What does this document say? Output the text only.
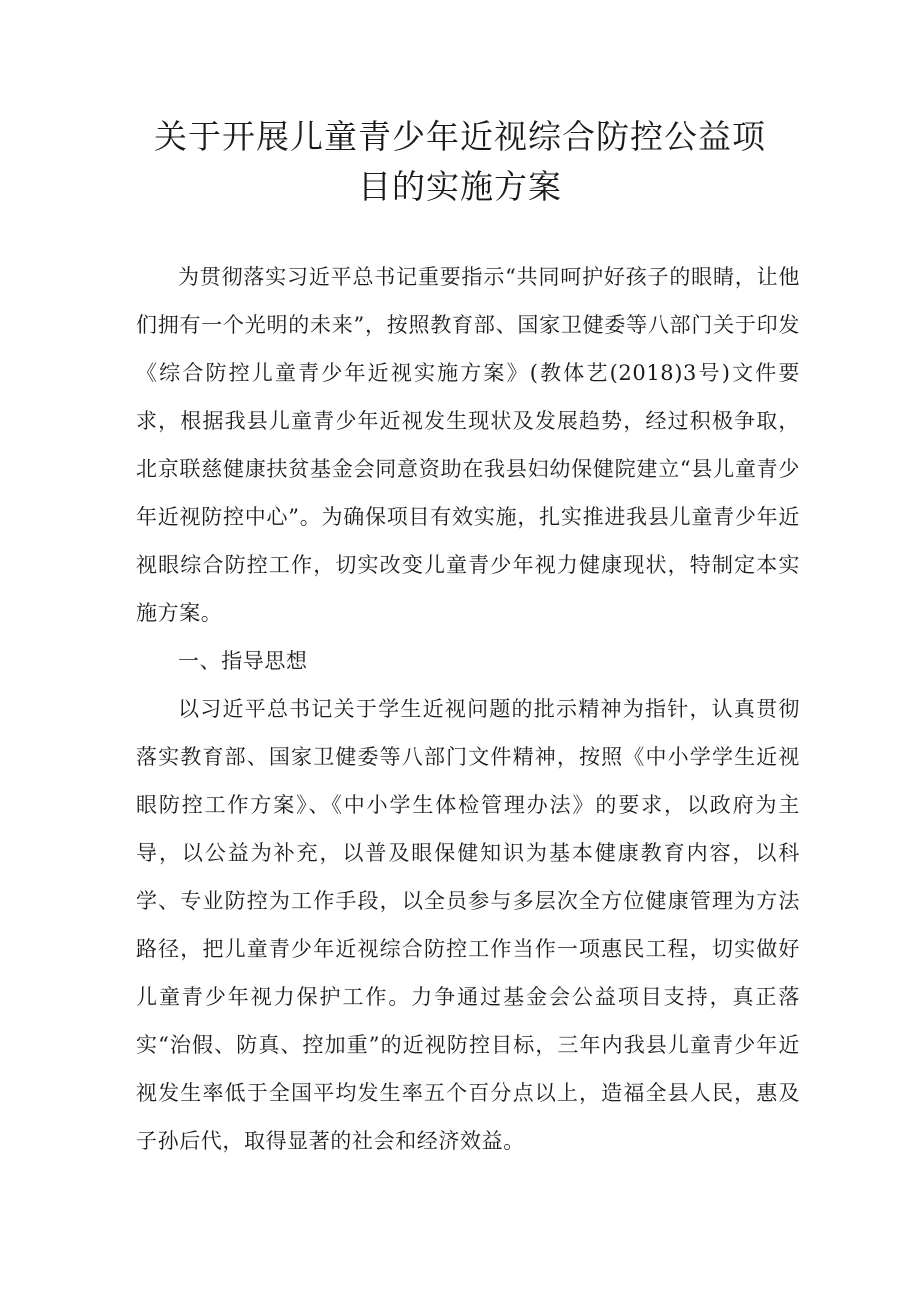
关于开展儿童青少年近视综合防控公益项
目的实施方案

为贯彻落实习近平总书记重要指示“共同呵护好孩子的眼睛，让他们拥有一个光明的未来”，按照教育部、国家卫健委等八部门关于印发《综合防控儿童青少年近视实施方案》(教体艺(2018)3号)文件要求，根据我县儿童青少年近视发生现状及发展趋势，经过积极争取，北京联慈健康扶贫基金会同意资助在我县妇幼保健院建立“县儿童青少年近视防控中心”。为确保项目有效实施，扎实推进我县儿童青少年近视眼综合防控工作，切实改变儿童青少年视力健康现状，特制定本实施方案。

一、指导思想

以习近平总书记关于学生近视问题的批示精神为指针，认真贯彻落实教育部、国家卫健委等八部门文件精神，按照《中小学学生近视眼防控工作方案》、《中小学生体检管理办法》的要求，以政府为主导，以公益为补充，以普及眼保健知识为基本健康教育内容，以科学、专业防控为工作手段，以全员参与多层次全方位健康管理为方法路径，把儿童青少年近视综合防控工作当作一项惠民工程，切实做好儿童青少年视力保护工作。力争通过基金会公益项目支持，真正落实“治假、防真、控加重”的近视防控目标，三年内我县儿童青少年近视发生率低于全国平均发生率五个百分点以上，造福全县人民，惠及子孙后代，取得显著的社会和经济效益。
